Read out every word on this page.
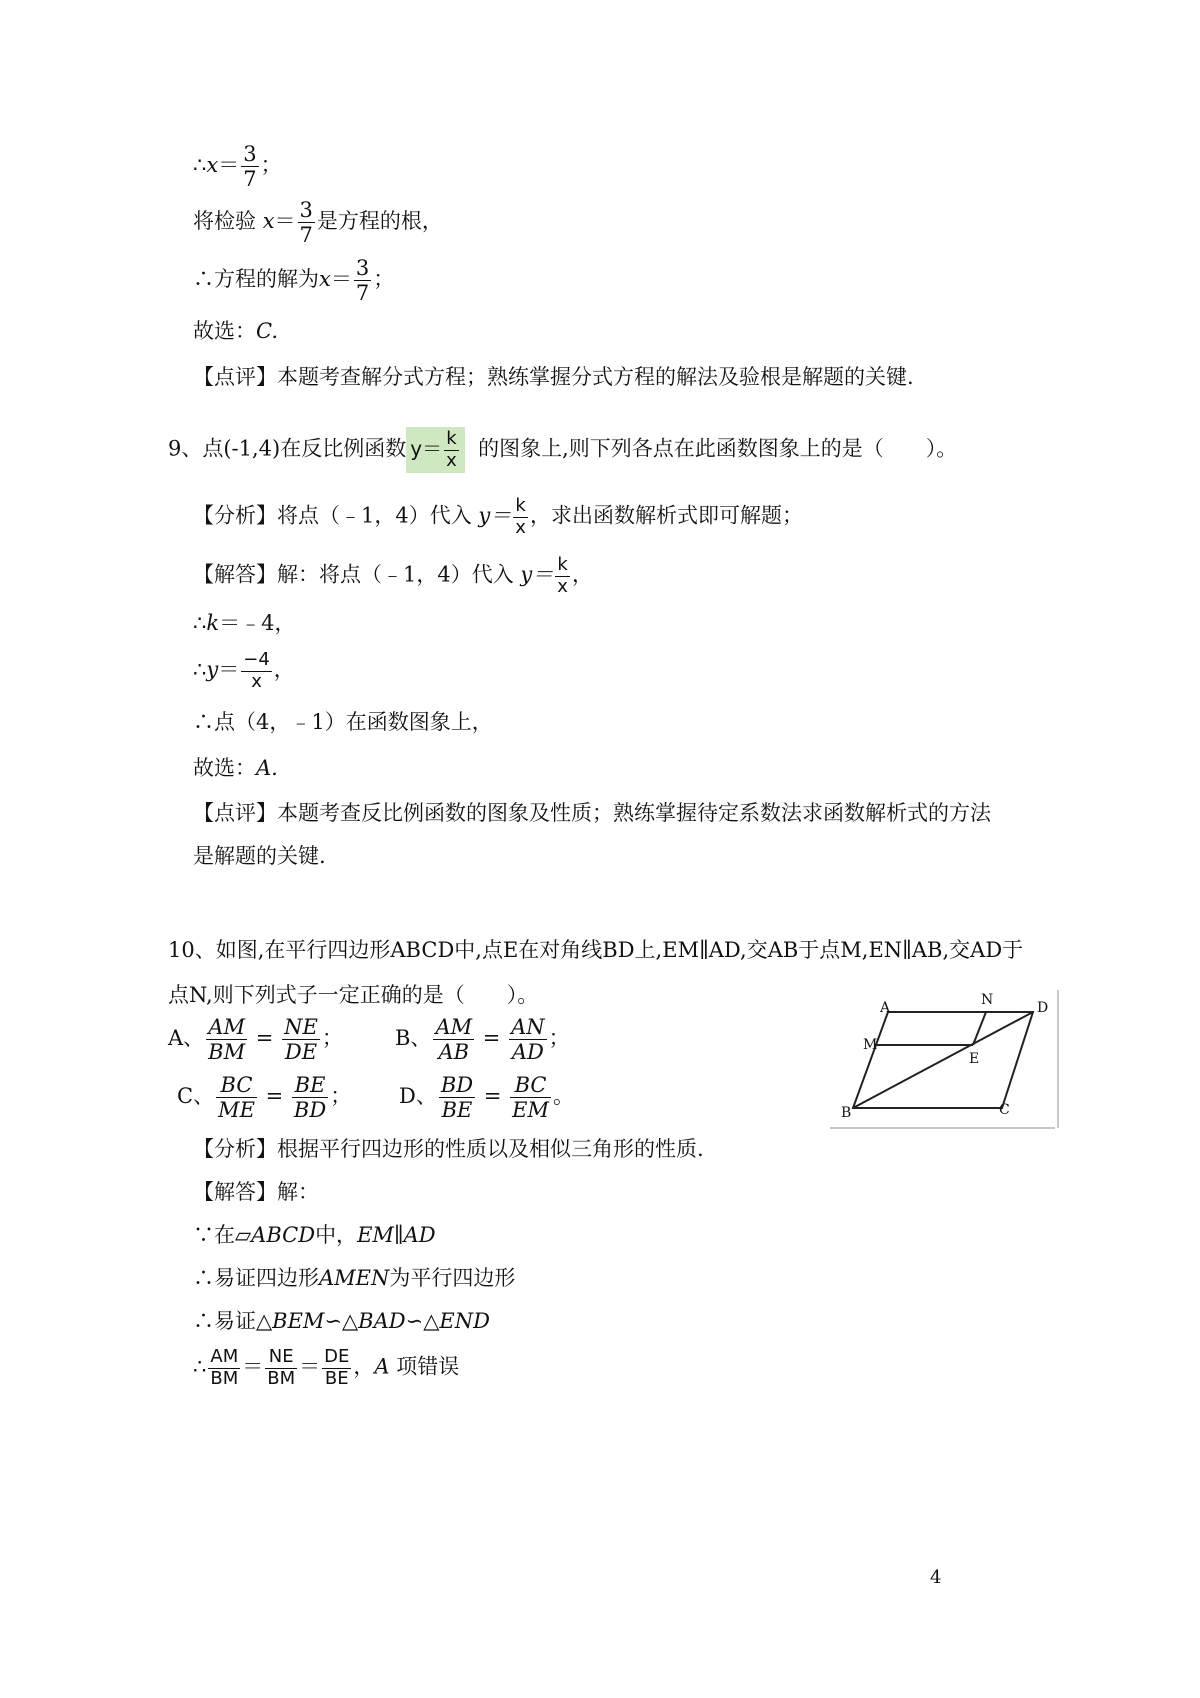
∴x＝ $\frac{3}{7}$ ；
将检验 $x= \frac{3}{7}$ 是方程的根，
∴方程的解为$x= \frac{3}{7}$ ；
故选：C.
【点评】本题考查解分式方程；熟练掌握分式方程的解法及验根是解题的关键.
9、点(-1,4)在反比例函数 $y= \frac{k}{x}$ 的图象上,则下列各点在此函数图象上的是（　　）。
【分析】将点（﹣1，4）代入 $y= \frac{k}{x}$ ，求出函数解析式即可解题；
【解答】解：将点（﹣1，4）代入 $y= \frac{k}{x}$ ，
∴k＝﹣4，
∴y＝ $\frac{-4}{x}$ ，
∴点（4，﹣1）在函数图象上，
故选：A.
【点评】本题考查反比例函数的图象及性质；熟练掌握待定系数法求函数解析式的方法
是解题的关键.
10、如图,在平行四边形ABCD中,点E在对角线BD上,EM∥AD,交AB于点M,EN∥AB,交AD于
点N,则下列式子一定正确的是（　　）。
A、 $\frac{AM}{BM} = \frac{NE}{DE}$ ； B、 $\frac{AM}{AB} = \frac{AN}{AD}$ ；
C、 $\frac{BC}{ME} = \frac{BE}{BD}$ ； D、 $\frac{BD}{BE} = \frac{BC}{EM}$ 。
A	N	D
M
E
B	C
【分析】根据平行四边形的性质以及相似三角形的性质.
【解答】解：
∵在▱ABCD中，EM∥AD
∴易证四边形AMEN为平行四边形
∴易证△BEM∽△BAD∽△END
∴ $\frac{AM}{BM} = \frac{NE}{BM} = \frac{DE}{BE}$ ，A 项错误
4
